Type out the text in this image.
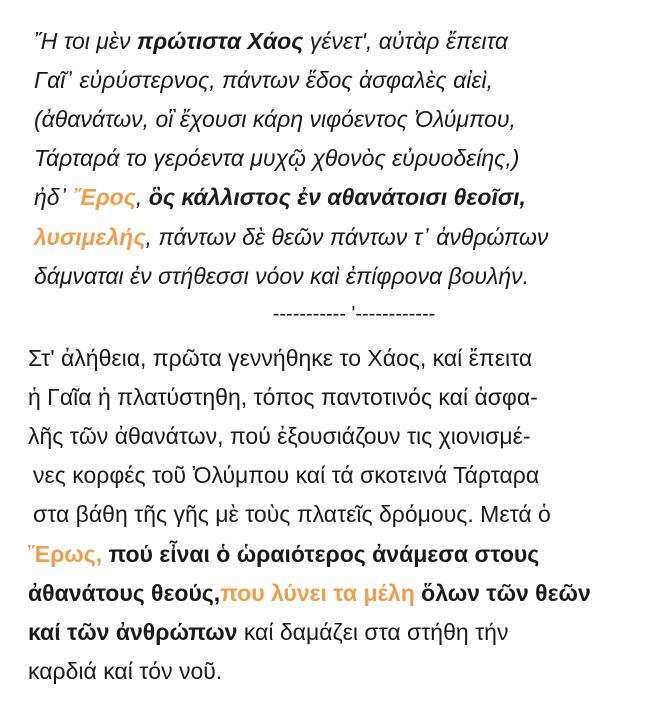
Ἤ τοι μὲν πρώτιστα Χάος γένετ', αὐτὰρ ἔπειτα
Γαῖ᾽ εὐρύστερνος, πάντων ἕδος ἀσφαλὲς αἰεὶ,
(ἀθανάτων, οἳ ἔχουσι κάρη νιφόεντος Ὀλύμπου,
Τάρταρά το γερόεντα μυχῷ χθονὸς εὐρυοδείης,)
ἠδ᾽ Ἔρος, ὃς κάλλιστος ἐν αθανάτοισι θεοῖσι,
λυσιμελής, πάντων δὲ θεῶν πάντων τ᾽ ἀνθρώπων
δάμναται ἐν στήθεσσι νόον καὶ ἐπίφρονα βουλήν.
----------- '------------
Στ' ἀλήθεια, πρῶτα γεννήθηκε το Χάος, καί ἔπειτα
ἡ Γαῖα ἡ πλατύστηθη, τόπος παντοτινός καί ἀσφα-
λῆς τῶν ἀθανάτων, πού ἐξουσιάζουν τις χιονισμέ-
νες κορφές τοῦ Ὀλύμπου καί τά σκοτεινά Τάρταρα
στα βάθη τῆς γῆς μὲ τοὺς πλατεῖς δρόμους. Μετά ὁ
Ἔρως, πού εἶναι ὁ ὡραιότερος ἀνάμεσα στους
ἀθανάτους θεούς,που λύνει τα μέλη ὅλων τῶν θεῶν
καί τῶν ἀνθρώπων καί δαμάζει στα στήθη τήν
καρδιά καί τόν νοῦ.
